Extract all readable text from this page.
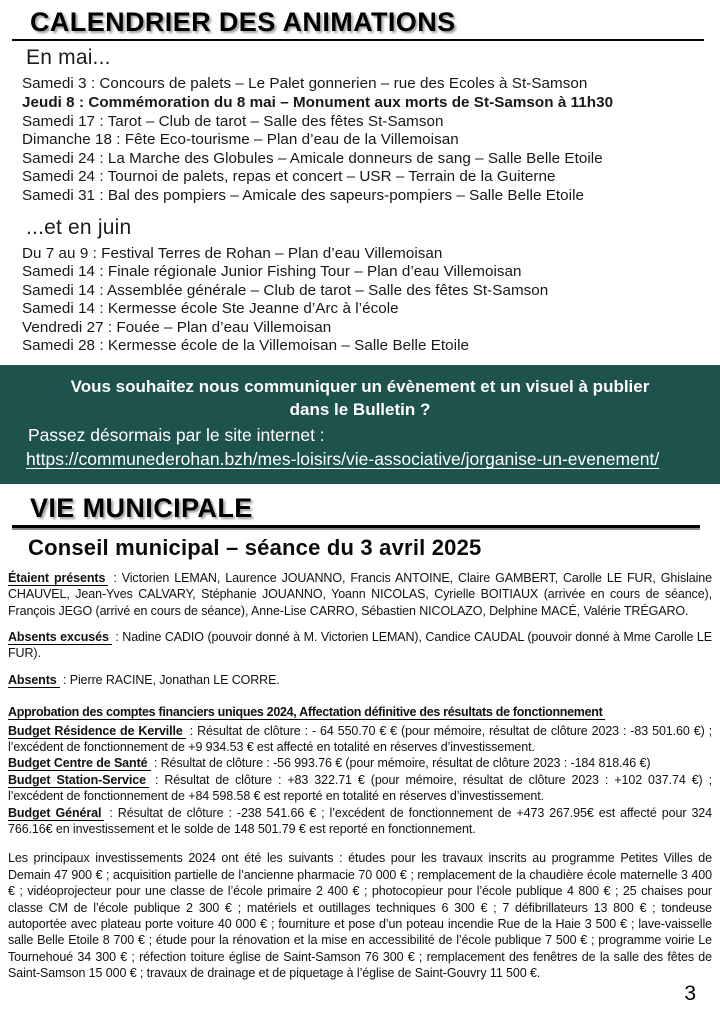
CALENDRIER DES ANIMATIONS
En mai...
Samedi 3 : Concours de palets – Le Palet gonnerien – rue des Ecoles à St-Samson
Jeudi 8 : Commémoration du 8 mai – Monument aux morts de St-Samson à 11h30
Samedi 17 : Tarot – Club de tarot – Salle des fêtes St-Samson
Dimanche 18 : Fête Eco-tourisme – Plan d’eau de la Villemoisan
Samedi 24 : La Marche des Globules – Amicale donneurs de sang – Salle Belle Etoile
Samedi 24 : Tournoi de palets, repas et concert – USR – Terrain de la Guiterne
Samedi 31 : Bal des pompiers – Amicale des sapeurs-pompiers – Salle Belle Etoile
...et en juin
Du 7 au 9 : Festival Terres de Rohan – Plan d’eau Villemoisan
Samedi 14 : Finale régionale Junior Fishing Tour – Plan d’eau Villemoisan
Samedi 14 : Assemblée générale – Club de tarot – Salle des fêtes St-Samson
Samedi 14 : Kermesse école Ste Jeanne d’Arc à l’école
Vendredi 27 : Fouée – Plan d’eau Villemoisan
Samedi 28 : Kermesse école de la Villemoisan – Salle Belle Etoile

Vous souhaitez nous communiquer un évènement et un visuel à publier dans le Bulletin ?

Passez désormais par le site internet :

https://communederohan.bzh/mes-loisirs/vie-associative/jorganise-un-evenement/
VIE MUNICIPALE
Conseil municipal – séance du 3 avril 2025

Étaient présents : Victorien LEMAN, Laurence JOUANNO, Francis ANTOINE, Claire GAMBERT, Carolle LE FUR, Ghislaine CHAUVEL, Jean-Yves CALVARY, Stéphanie JOUANNO, Yoann NICOLAS, Cyrielle BOITIAUX (arrivée en cours de séance), François JEGO (arrivé en cours de séance), Anne-Lise CARRO, Sébastien NICOLAZO, Delphine MACÉ, Valérie TRÉGARO.

Absents excusés : Nadine CADIO (pouvoir donné à M. Victorien LEMAN), Candice CAUDAL (pouvoir donné à Mme Carolle LE FUR).

Absents : Pierre RACINE, Jonathan LE CORRE.

Approbation des comptes financiers uniques 2024, Affectation définitive des résultats de fonctionnement

Budget Résidence de Kerville : Résultat de clôture : - 64 550.70 € € (pour mémoire, résultat de clôture 2023 : -83 501.60 €) ; l’excédent de fonctionnement de +9 934.53 € est affecté en totalité en réserves d’investissement.

Budget Centre de Santé : Résultat de clôture : -56 993.76 € (pour mémoire, résultat de clôture 2023 : -184 818.46 €)

Budget Station-Service : Résultat de clôture : +83 322.71 € (pour mémoire, résultat de clôture 2023 : +102 037.74 €) ; l’excédent de fonctionnement de +84 598.58 € est reporté en totalité en réserves d’investissement.

Budget Général : Résultat de clôture : -238 541.66 € ; l’excédent de fonctionnement de +473 267.95€ est affecté pour 324 766.16€ en investissement et le solde de 148 501.79 € est reporté en fonctionnement.

Les principaux investissements 2024 ont été les suivants : études pour les travaux inscrits au programme Petites Villes de Demain 47 900 € ; acquisition partielle de l’ancienne pharmacie 70 000 € ; remplacement de la chaudière école maternelle 3 400 € ; vidéoprojecteur pour une classe de l’école primaire 2 400 € ; photocopieur pour l’école publique 4 800 € ; 25 chaises pour classe CM de l’école publique 2 300 € ; matériels et outillages techniques 6 300 € ; 7 défibrillateurs 13 800 € ; tondeuse autoportée avec plateau porte voiture 40 000 € ; fourniture et pose d’un poteau incendie Rue de la Haie 3 500 € ; lave-vaisselle salle Belle Etoile 8 700 € ; étude pour la rénovation et la mise en accessibilité de l’école publique 7 500 € ; programme voirie Le Tournehoué 34 300 € ; réfection toiture église de Saint-Samson 76 300 € ; remplacement des fenêtres de la salle des fêtes de Saint-Samson 15 000 € ; travaux de drainage et de piquetage à l’église de Saint-Gouvry 11 500 €.

3
